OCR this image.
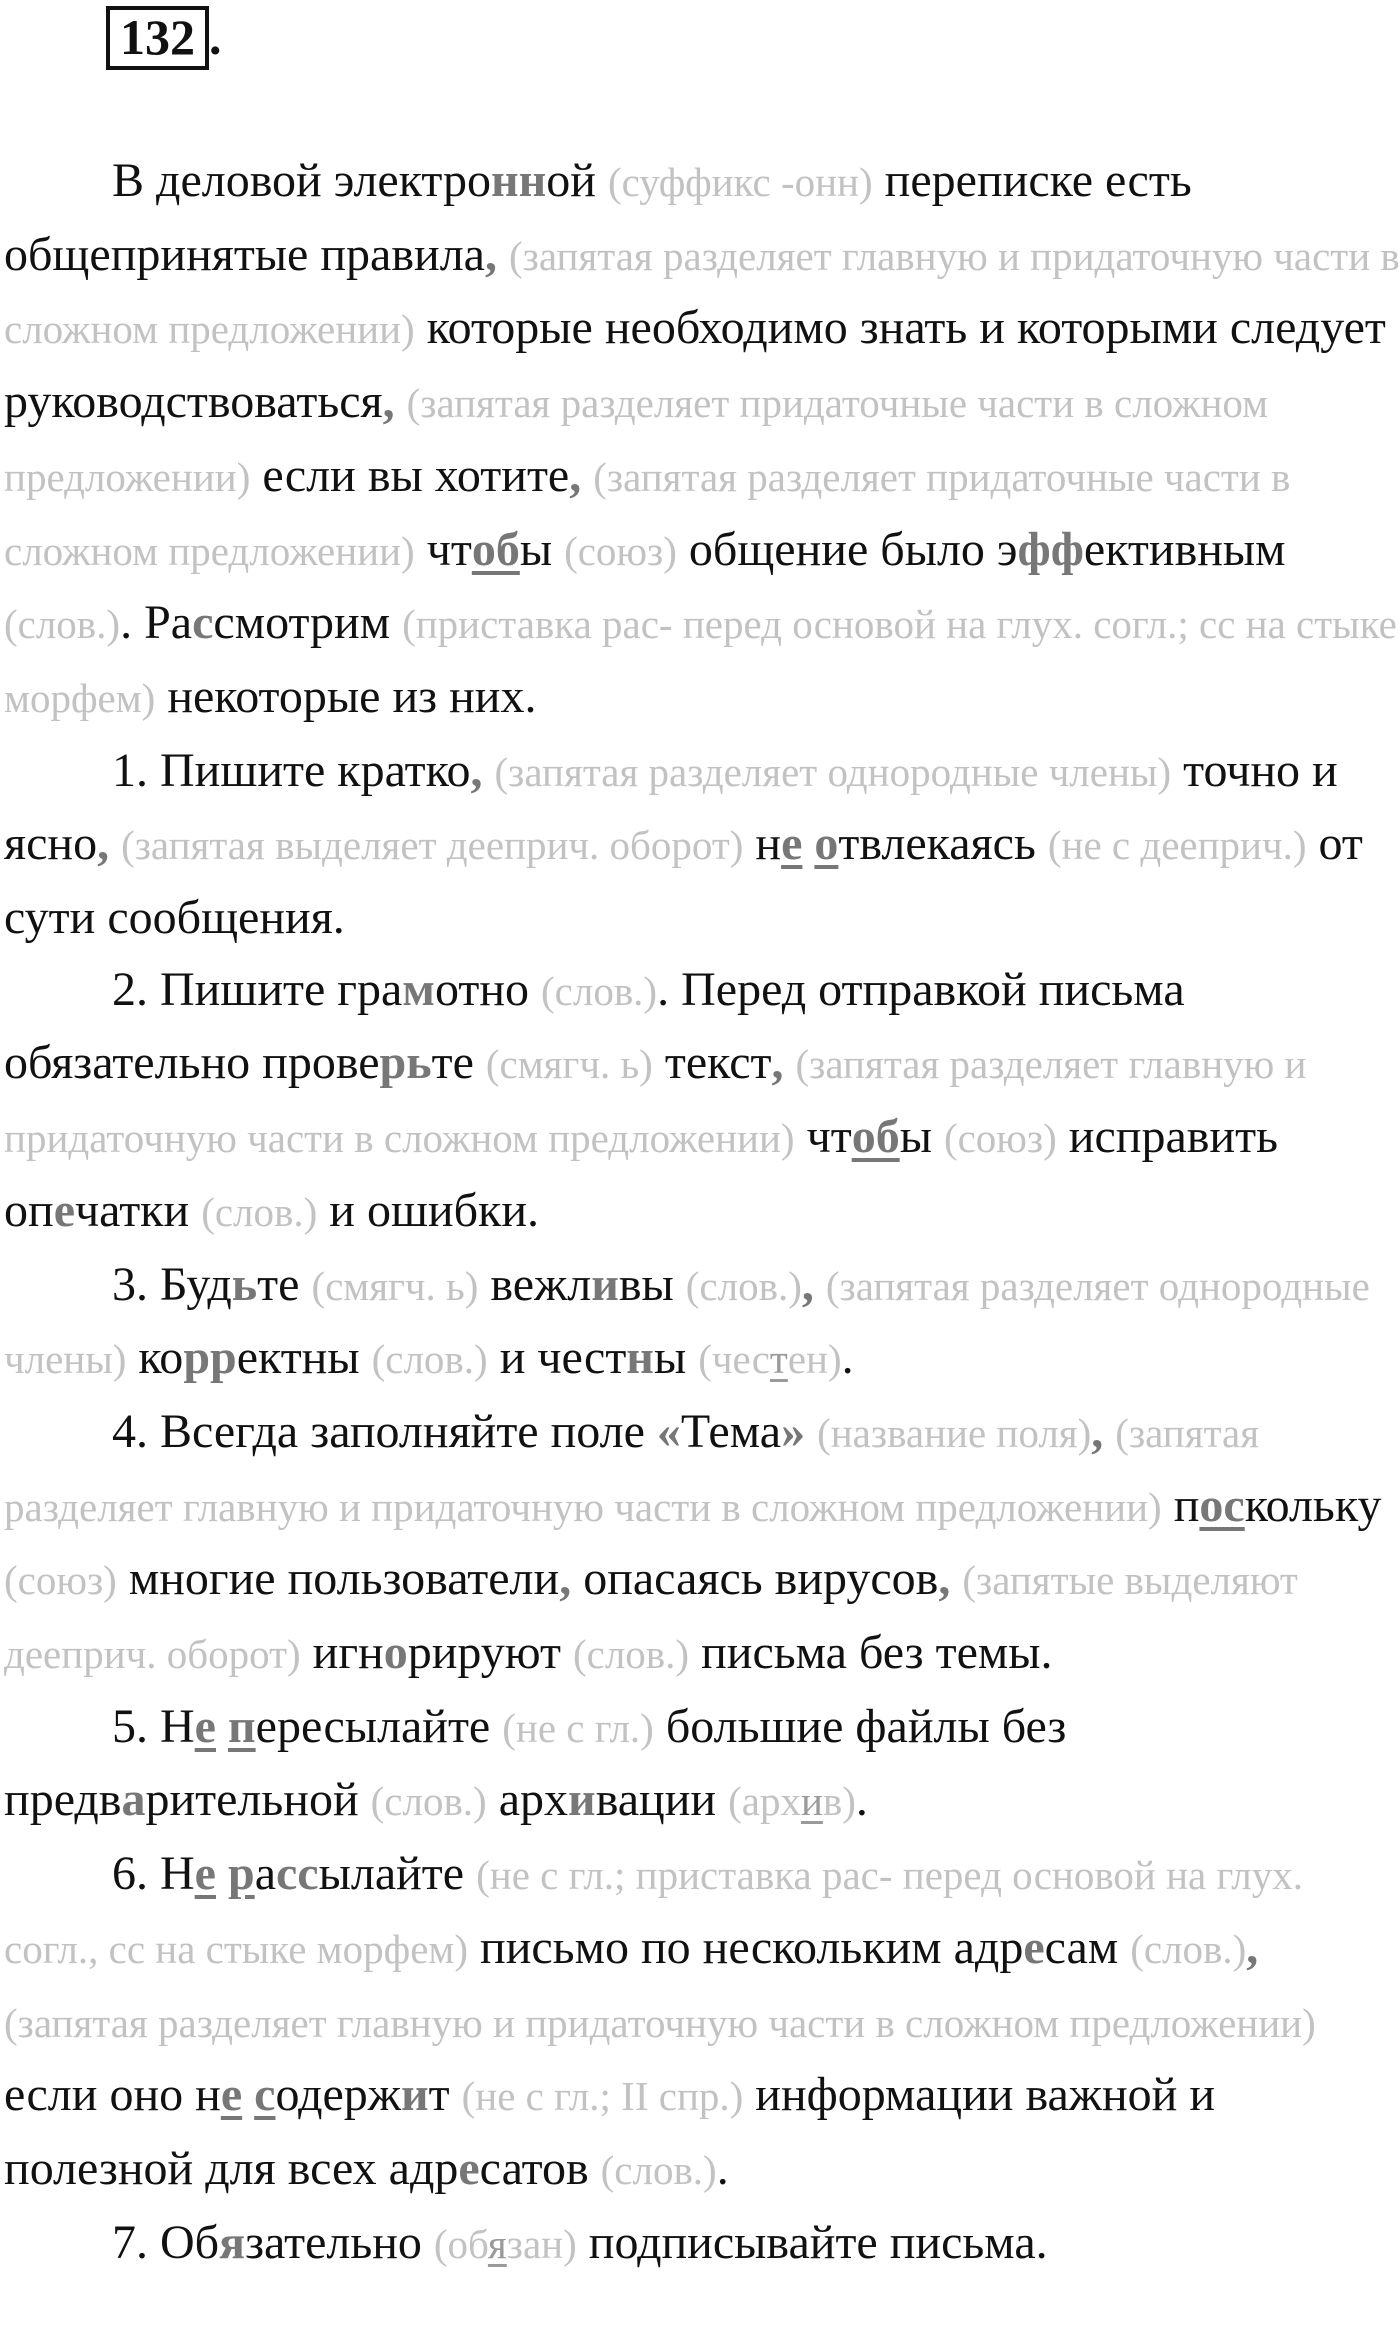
132 .

В деловой электронной (суффикс -онн) переписке есть общепринятые правила, (запятая разделяет главную и придаточную части в сложном предложении) которые необходимо знать и которыми следует руководствоваться, (запятая разделяет придаточные части в сложном предложении) если вы хотите, (запятая разделяет придаточные части в сложном предложении) чтобы (союз) общение было эффективным (слов.). Рассмотрим (приставка рас- перед основой на глух. согл.; сс на стыке морфем) некоторые из них.

1. Пишите кратко, (запятая разделяет однородные члены) точно и ясно, (запятая выделяет дееприч. оборот) не отвлекаясь (не с дееприч.) от сути сообщения.

2. Пишите грамотно (слов.). Перед отправкой письма обязательно проверьте (смягч. ь) текст, (запятая разделяет главную и придаточную части в сложном предложении) чтобы (союз) исправить опечатки (слов.) и ошибки.

3. Будьте (смягч. ь) вежливы (слов.), (запятая разделяет однородные члены) корректны (слов.) и честны (честен).

4. Всегда заполняйте поле «Тема» (название поля), (запятая разделяет главную и придаточную части в сложном предложении) поскольку (союз) многие пользователи, опасаясь вирусов, (запятые выделяют дееприч. оборот) игнорируют (слов.) письма без темы.

5. Не пересылайте (не с гл.) большие файлы без предварительной (слов.) архивации (архив).

6. Не рассылайте (не с гл.; приставка рас- перед основой на глух. согл., сс на стыке морфем) письмо по нескольким адресам (слов.), (запятая разделяет главную и придаточную части в сложном предложении) если оно не содержит (не с гл.; II спр.) информации важной и полезной для всех адресатов (слов.).

7. Обязательно (обязан) подписывайте письма.
